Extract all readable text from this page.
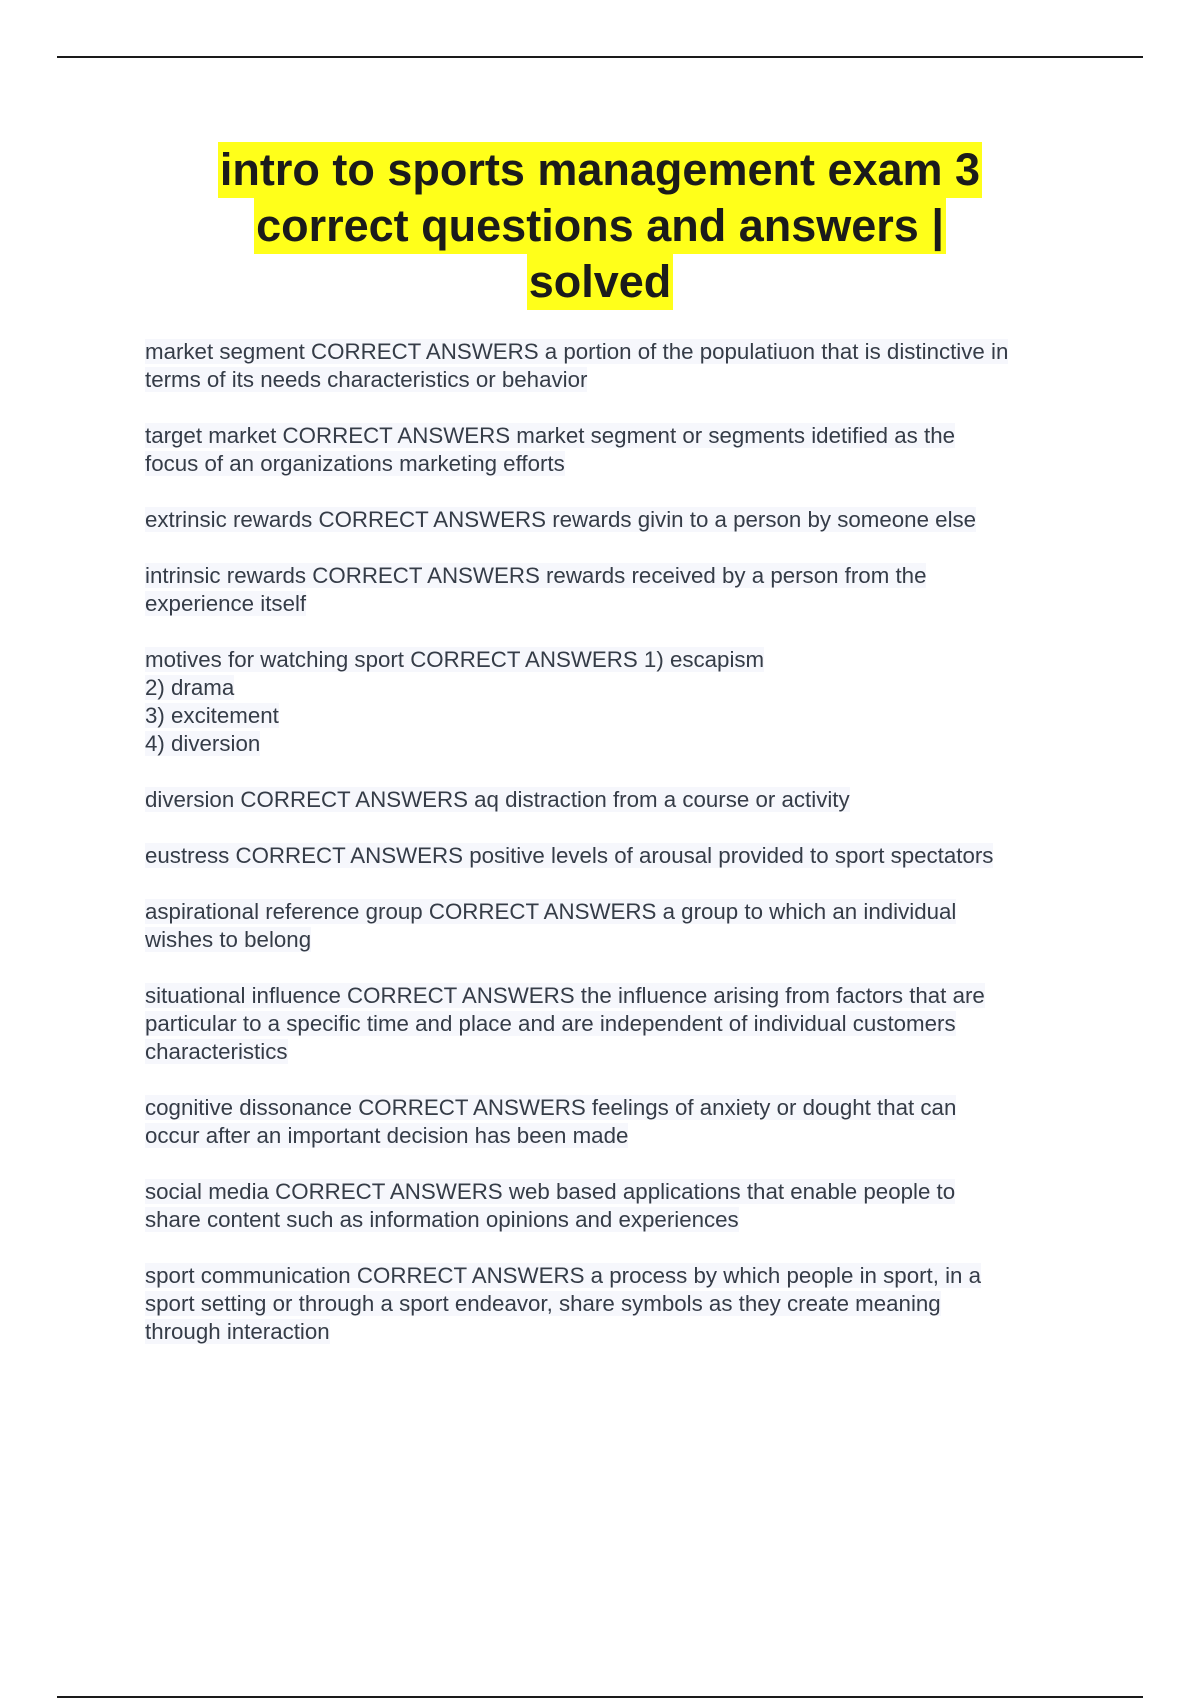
intro to sports management exam 3
correct questions and answers |
solved
market segment CORRECT ANSWERS a portion of the populatiuon that is distinctive in
terms of its needs characteristics or behavior
target market CORRECT ANSWERS market segment or segments idetified as the
focus of an organizations marketing efforts
extrinsic rewards CORRECT ANSWERS rewards givin to a person by someone else
intrinsic rewards CORRECT ANSWERS rewards received by a person from the
experience itself
motives for watching sport CORRECT ANSWERS 1) escapism
2) drama
3) excitement
4) diversion
diversion CORRECT ANSWERS aq distraction from a course or activity
eustress CORRECT ANSWERS positive levels of arousal provided to sport spectators
aspirational reference group CORRECT ANSWERS a group to which an individual
wishes to belong
situational influence CORRECT ANSWERS the influence arising from factors that are
particular to a specific time and place and are independent of individual customers
characteristics
cognitive dissonance CORRECT ANSWERS feelings of anxiety or dought that can
occur after an important decision has been made
social media CORRECT ANSWERS web based applications that enable people to
share content such as information opinions and experiences
sport communication CORRECT ANSWERS a process by which people in sport, in a
sport setting or through a sport endeavor, share symbols as they create meaning
through interaction
